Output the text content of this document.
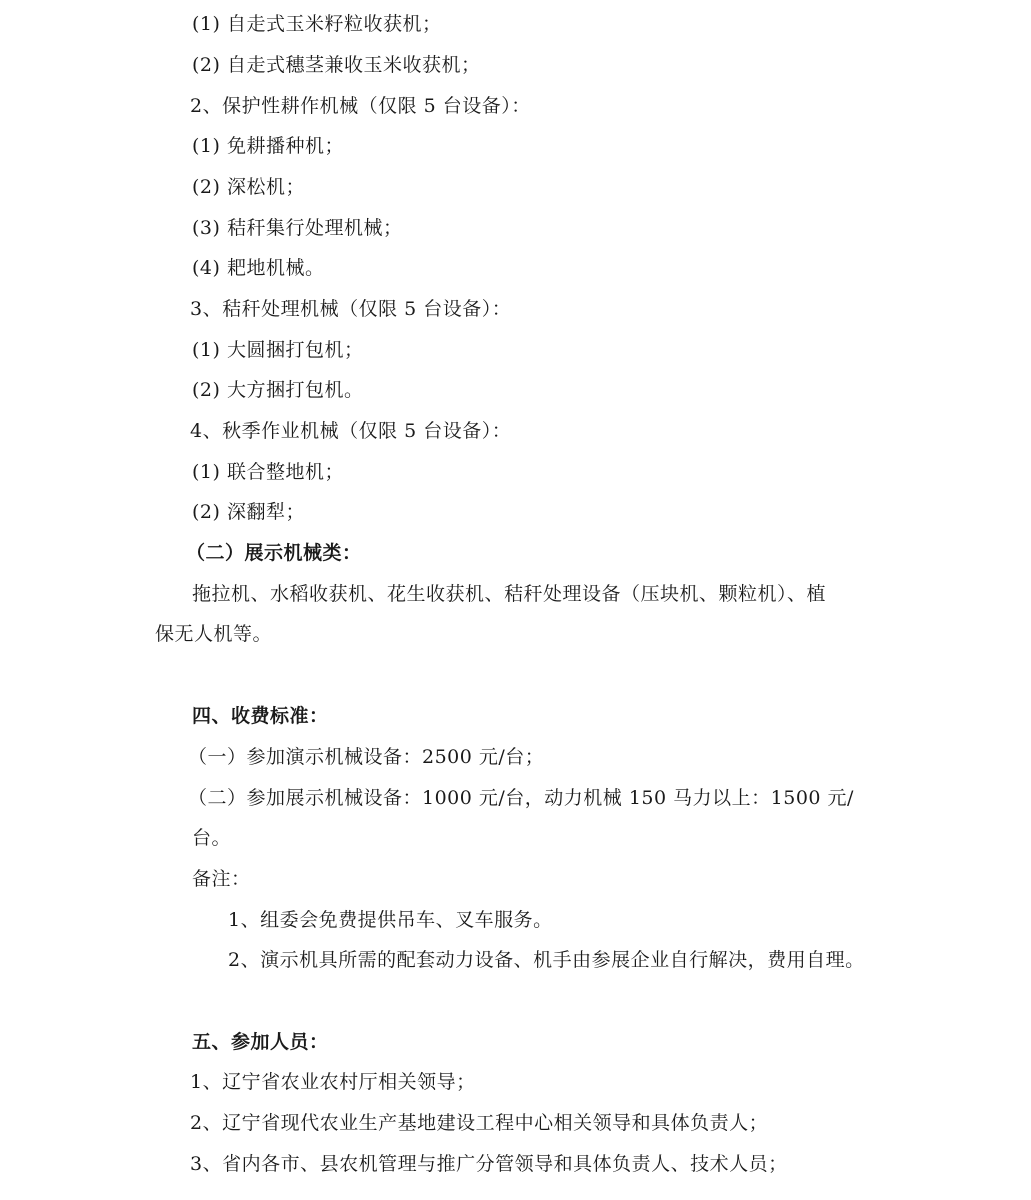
(1) 自走式玉米籽粒收获机；
(2) 自走式穗茎兼收玉米收获机；
2、保护性耕作机械（仅限 5 台设备）：
(1) 免耕播种机；
(2) 深松机；
(3) 秸秆集行处理机械；
(4) 耙地机械。
3、秸秆处理机械（仅限 5 台设备）：
(1) 大圆捆打包机；
(2) 大方捆打包机。
4、秋季作业机械（仅限 5 台设备）：
(1) 联合整地机；
(2) 深翻犁；
（二）展示机械类：
拖拉机、水稻收获机、花生收获机、秸秆处理设备（压块机、颗粒机）、植
保无人机等。
四、收费标准：
（一）参加演示机械设备：2500 元/台；
（二）参加展示机械设备：1000 元/台，动力机械 150 马力以上：1500 元/
台。
备注：
1、组委会免费提供吊车、叉车服务。
2、演示机具所需的配套动力设备、机手由参展企业自行解决，费用自理。
五、参加人员：
1、辽宁省农业农村厅相关领导；
2、辽宁省现代农业生产基地建设工程中心相关领导和具体负责人；
3、省内各市、县农机管理与推广分管领导和具体负责人、技术人员；
